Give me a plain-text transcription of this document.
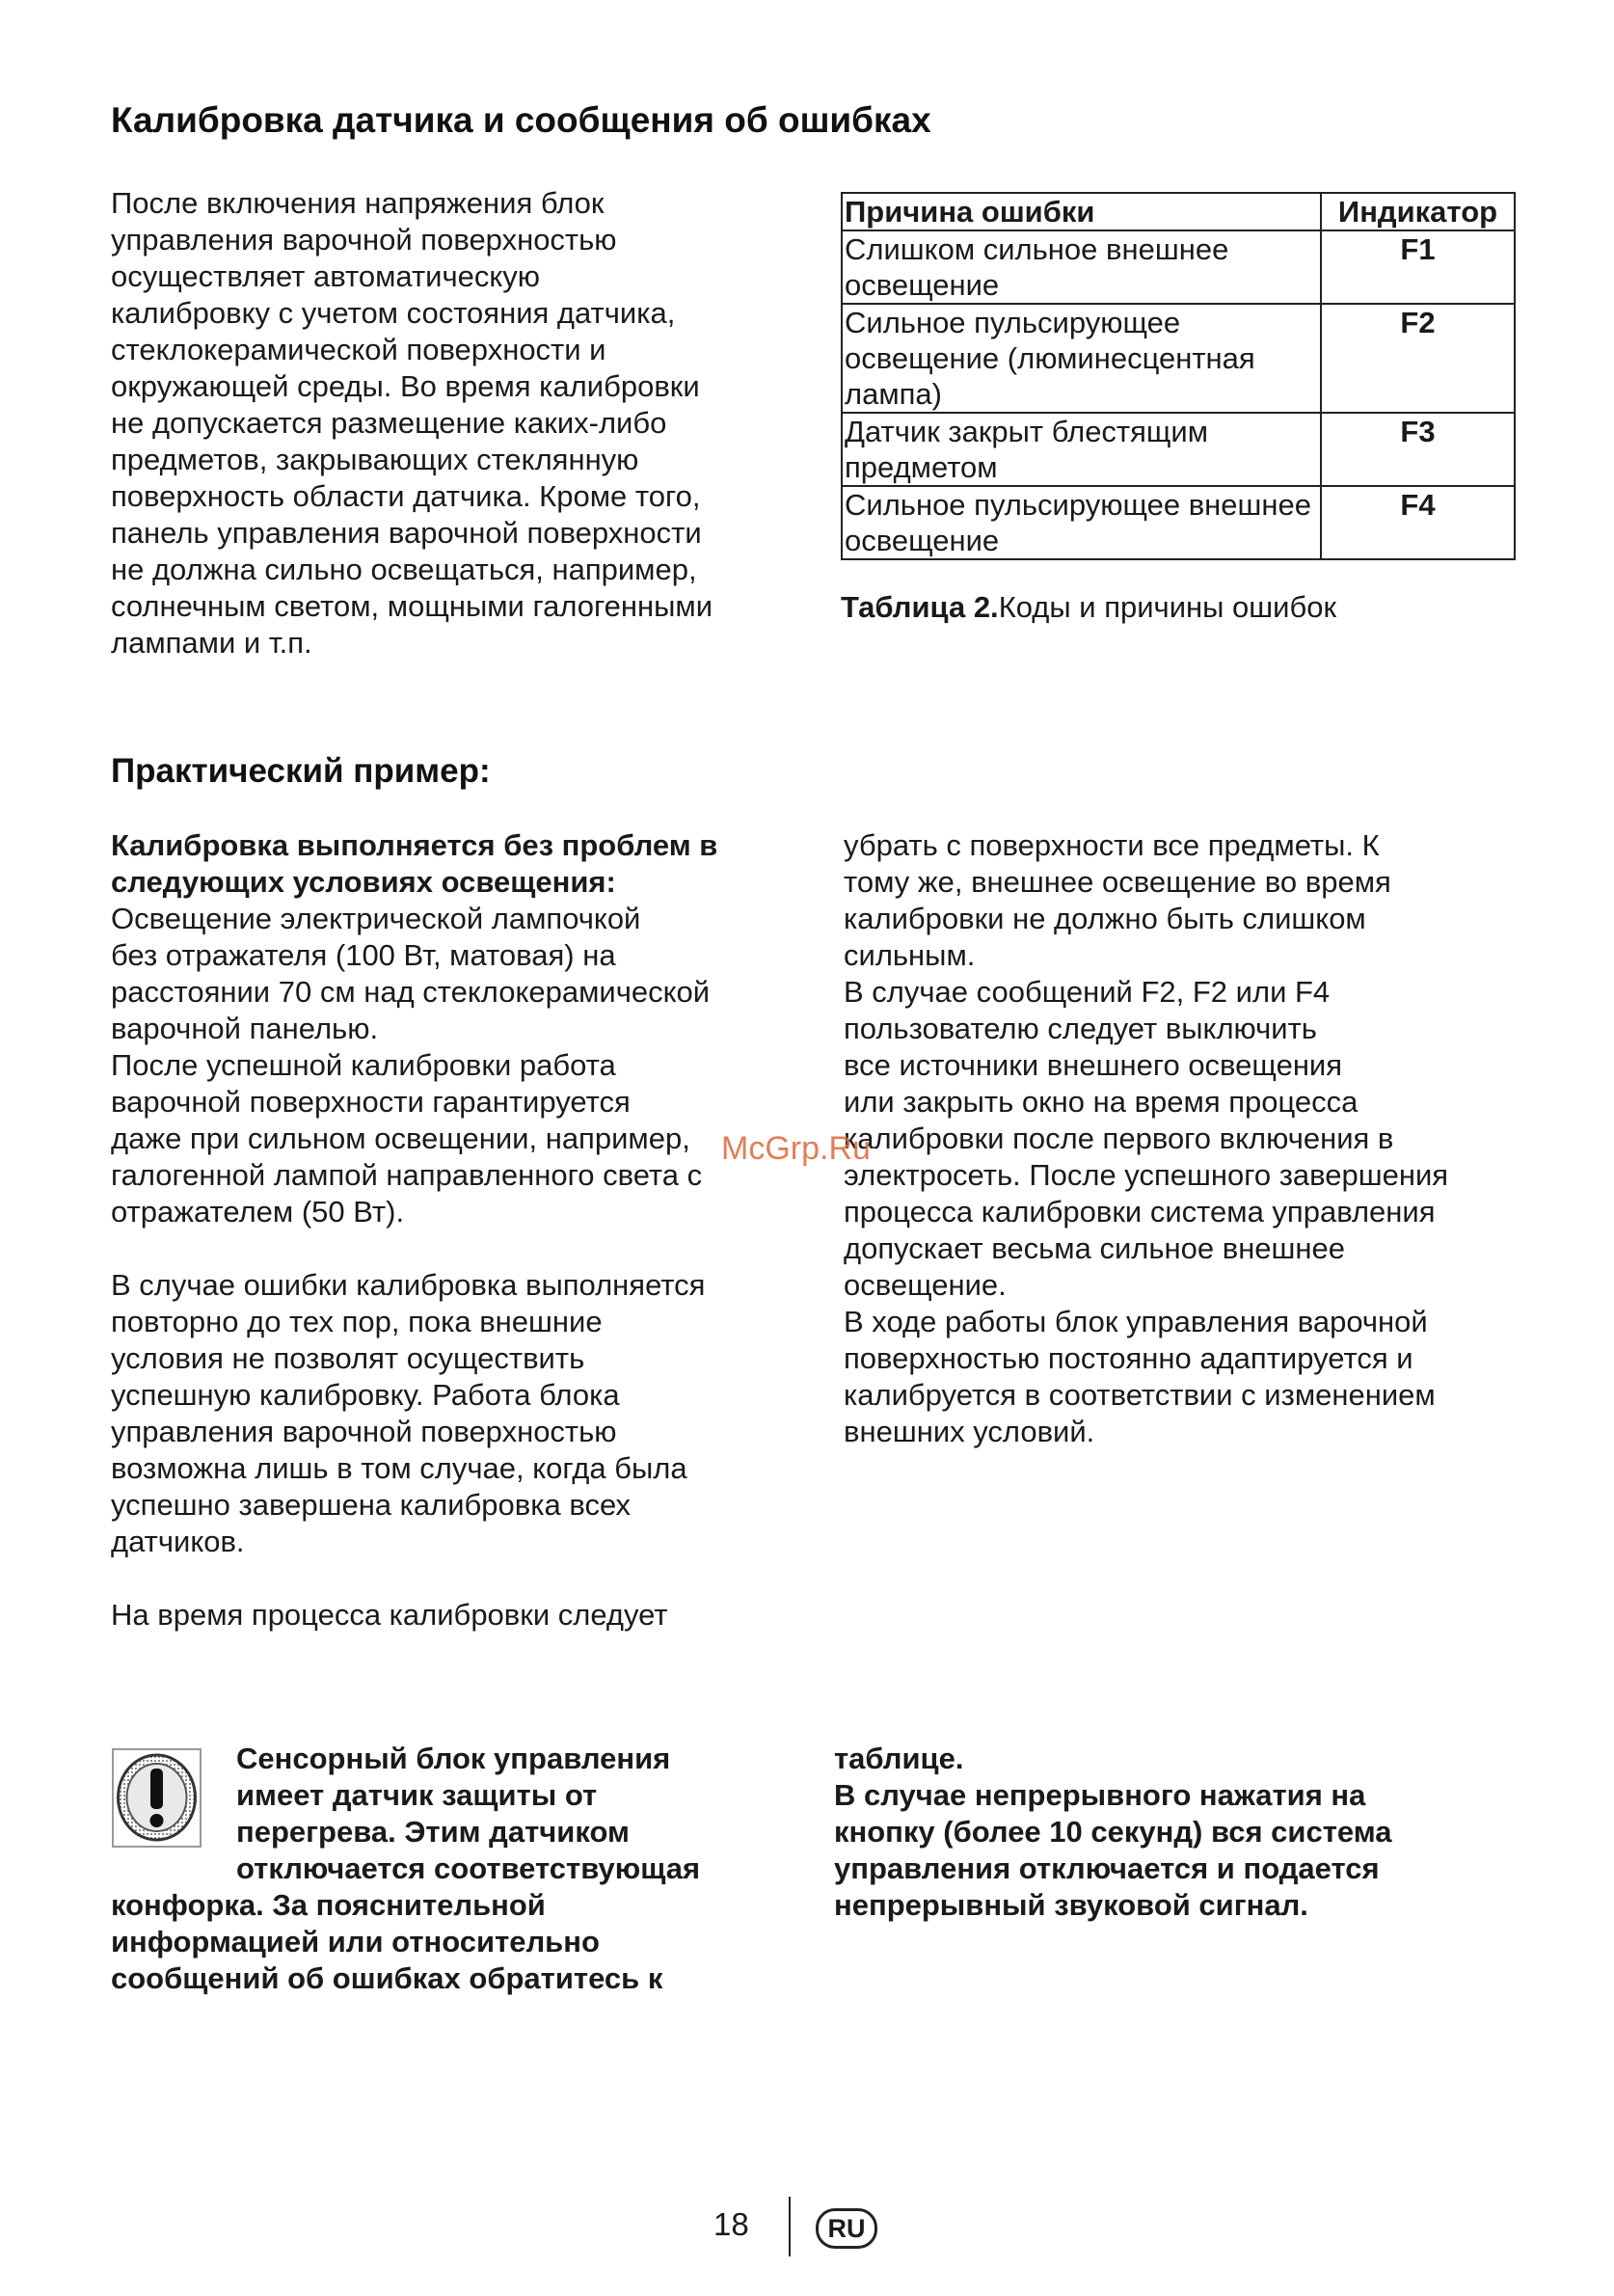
Калибровка датчика и сообщения об ошибках

После включения напряжения блок
управления варочной поверхностью
осуществляет автоматическую
калибровку с учетом состояния датчика,
стеклокерамической поверхности и
окружающей среды. Во время калибровки
не допускается размещение каких-либо
предметов, закрывающих стеклянную
поверхность области датчика. Кроме того,
панель управления варочной поверхности
не должна сильно освещаться, например,
солнечным светом, мощными галогенными
лампами и т.п.

Причина ошибки	Индикатор
Слишком сильное внешнее освещение	F1
Сильное пульсирующее освещение (люминесцентная лампа)	F2
Датчик закрыт блестящим предметом	F3
Сильное пульсирующее внешнее освещение	F4
Таблица 2.Коды и причины ошибок
Практический пример:

Калибровка выполняется без проблем в
следующих условиях освещения:

Освещение электрической лампочкой
без отражателя (100 Вт, матовая) на
расстоянии 70 см над стеклокерамической
варочной панелью.
После успешной калибровки работа
варочной поверхности гарантируется
даже при сильном освещении, например,
галогенной лампой направленного света с
отражателем (50 Вт).

В случае ошибки калибровка выполняется
повторно до тех пор, пока внешние
условия не позволят осуществить
успешную калибровку. Работа блока
управления варочной поверхностью
возможна лишь в том случае, когда была
успешно завершена калибровка всех
датчиков.

На время процесса калибровки следует

убрать с поверхности все предметы. К
тому же, внешнее освещение во время
калибровки не должно быть слишком
сильным.
В случае сообщений F2, F2 или F4
пользователю следует выключить
все источники внешнего освещения
или закрыть окно на время процесса
калибровки после первого включения в
электросеть. После успешного завершения
процесса калибровки система управления
допускает весьма сильное внешнее
освещение.
В ходе работы блок управления варочной
поверхностью постоянно адаптируется и
калибруется в соответствии с изменением
внешних условий.

McGrp.Ru
Сенсорный блок управления
имеет датчик защиты от
перегрева. Этим датчиком
отключается соответствующая
конфорка. За пояснительной
информацией или относительно
сообщений об ошибках обратитесь к

таблице.
В случае непрерывного нажатия на
кнопку (более 10 секунд) вся система
управления отключается и подается
непрерывный звуковой сигнал.

18	RU
